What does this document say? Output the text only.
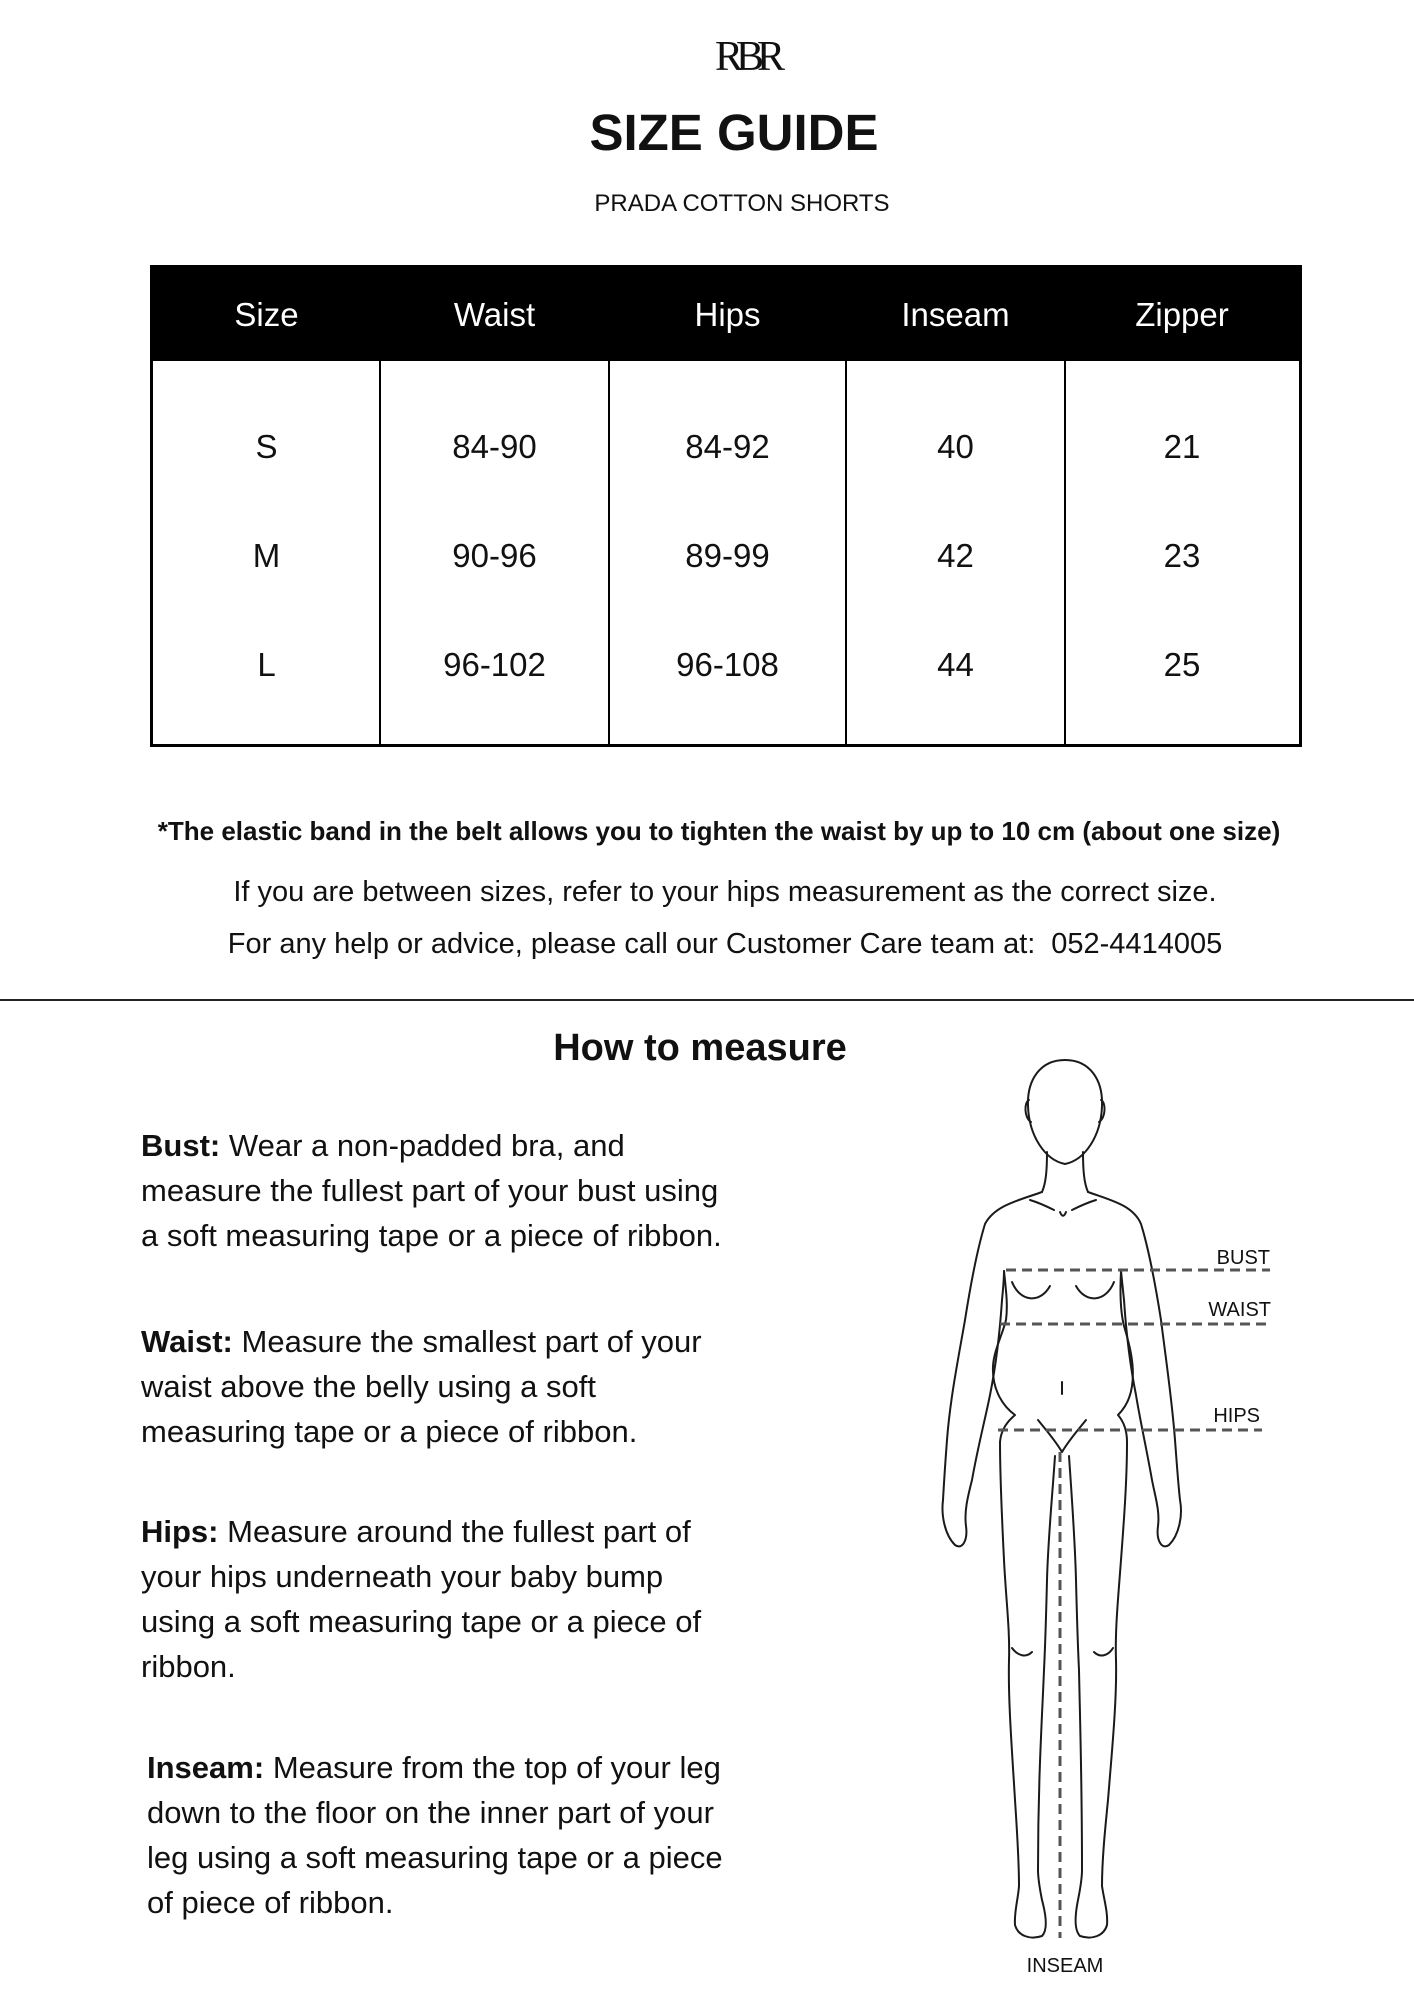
RBR
SIZE GUIDE
PRADA COTTON SHORTS
Size	Waist	Hips	Inseam	Zipper
S	84-90	84-92	40	21
M	90-96	89-99	42	23
L	96-102	96-108	44	25
*The elastic band in the belt allows you to tighten the waist by up to 10 cm (about one size)
If you are between sizes, refer to your hips measurement as the correct size.
For any help or advice, please call our Customer Care team at: 052-4414005
How to measure
Bust: Wear a non-padded bra, and
measure the fullest part of your bust using
a soft measuring tape or a piece of ribbon.
Waist: Measure the smallest part of your
waist above the belly using a soft
measuring tape or a piece of ribbon.
Hips: Measure around the fullest part of
your hips underneath your baby bump
using a soft measuring tape or a piece of
ribbon.
Inseam: Measure from the top of your leg
down to the floor on the inner part of your
leg using a soft measuring tape or a piece
of piece of ribbon.
BUST
WAIST
HIPS
INSEAM
